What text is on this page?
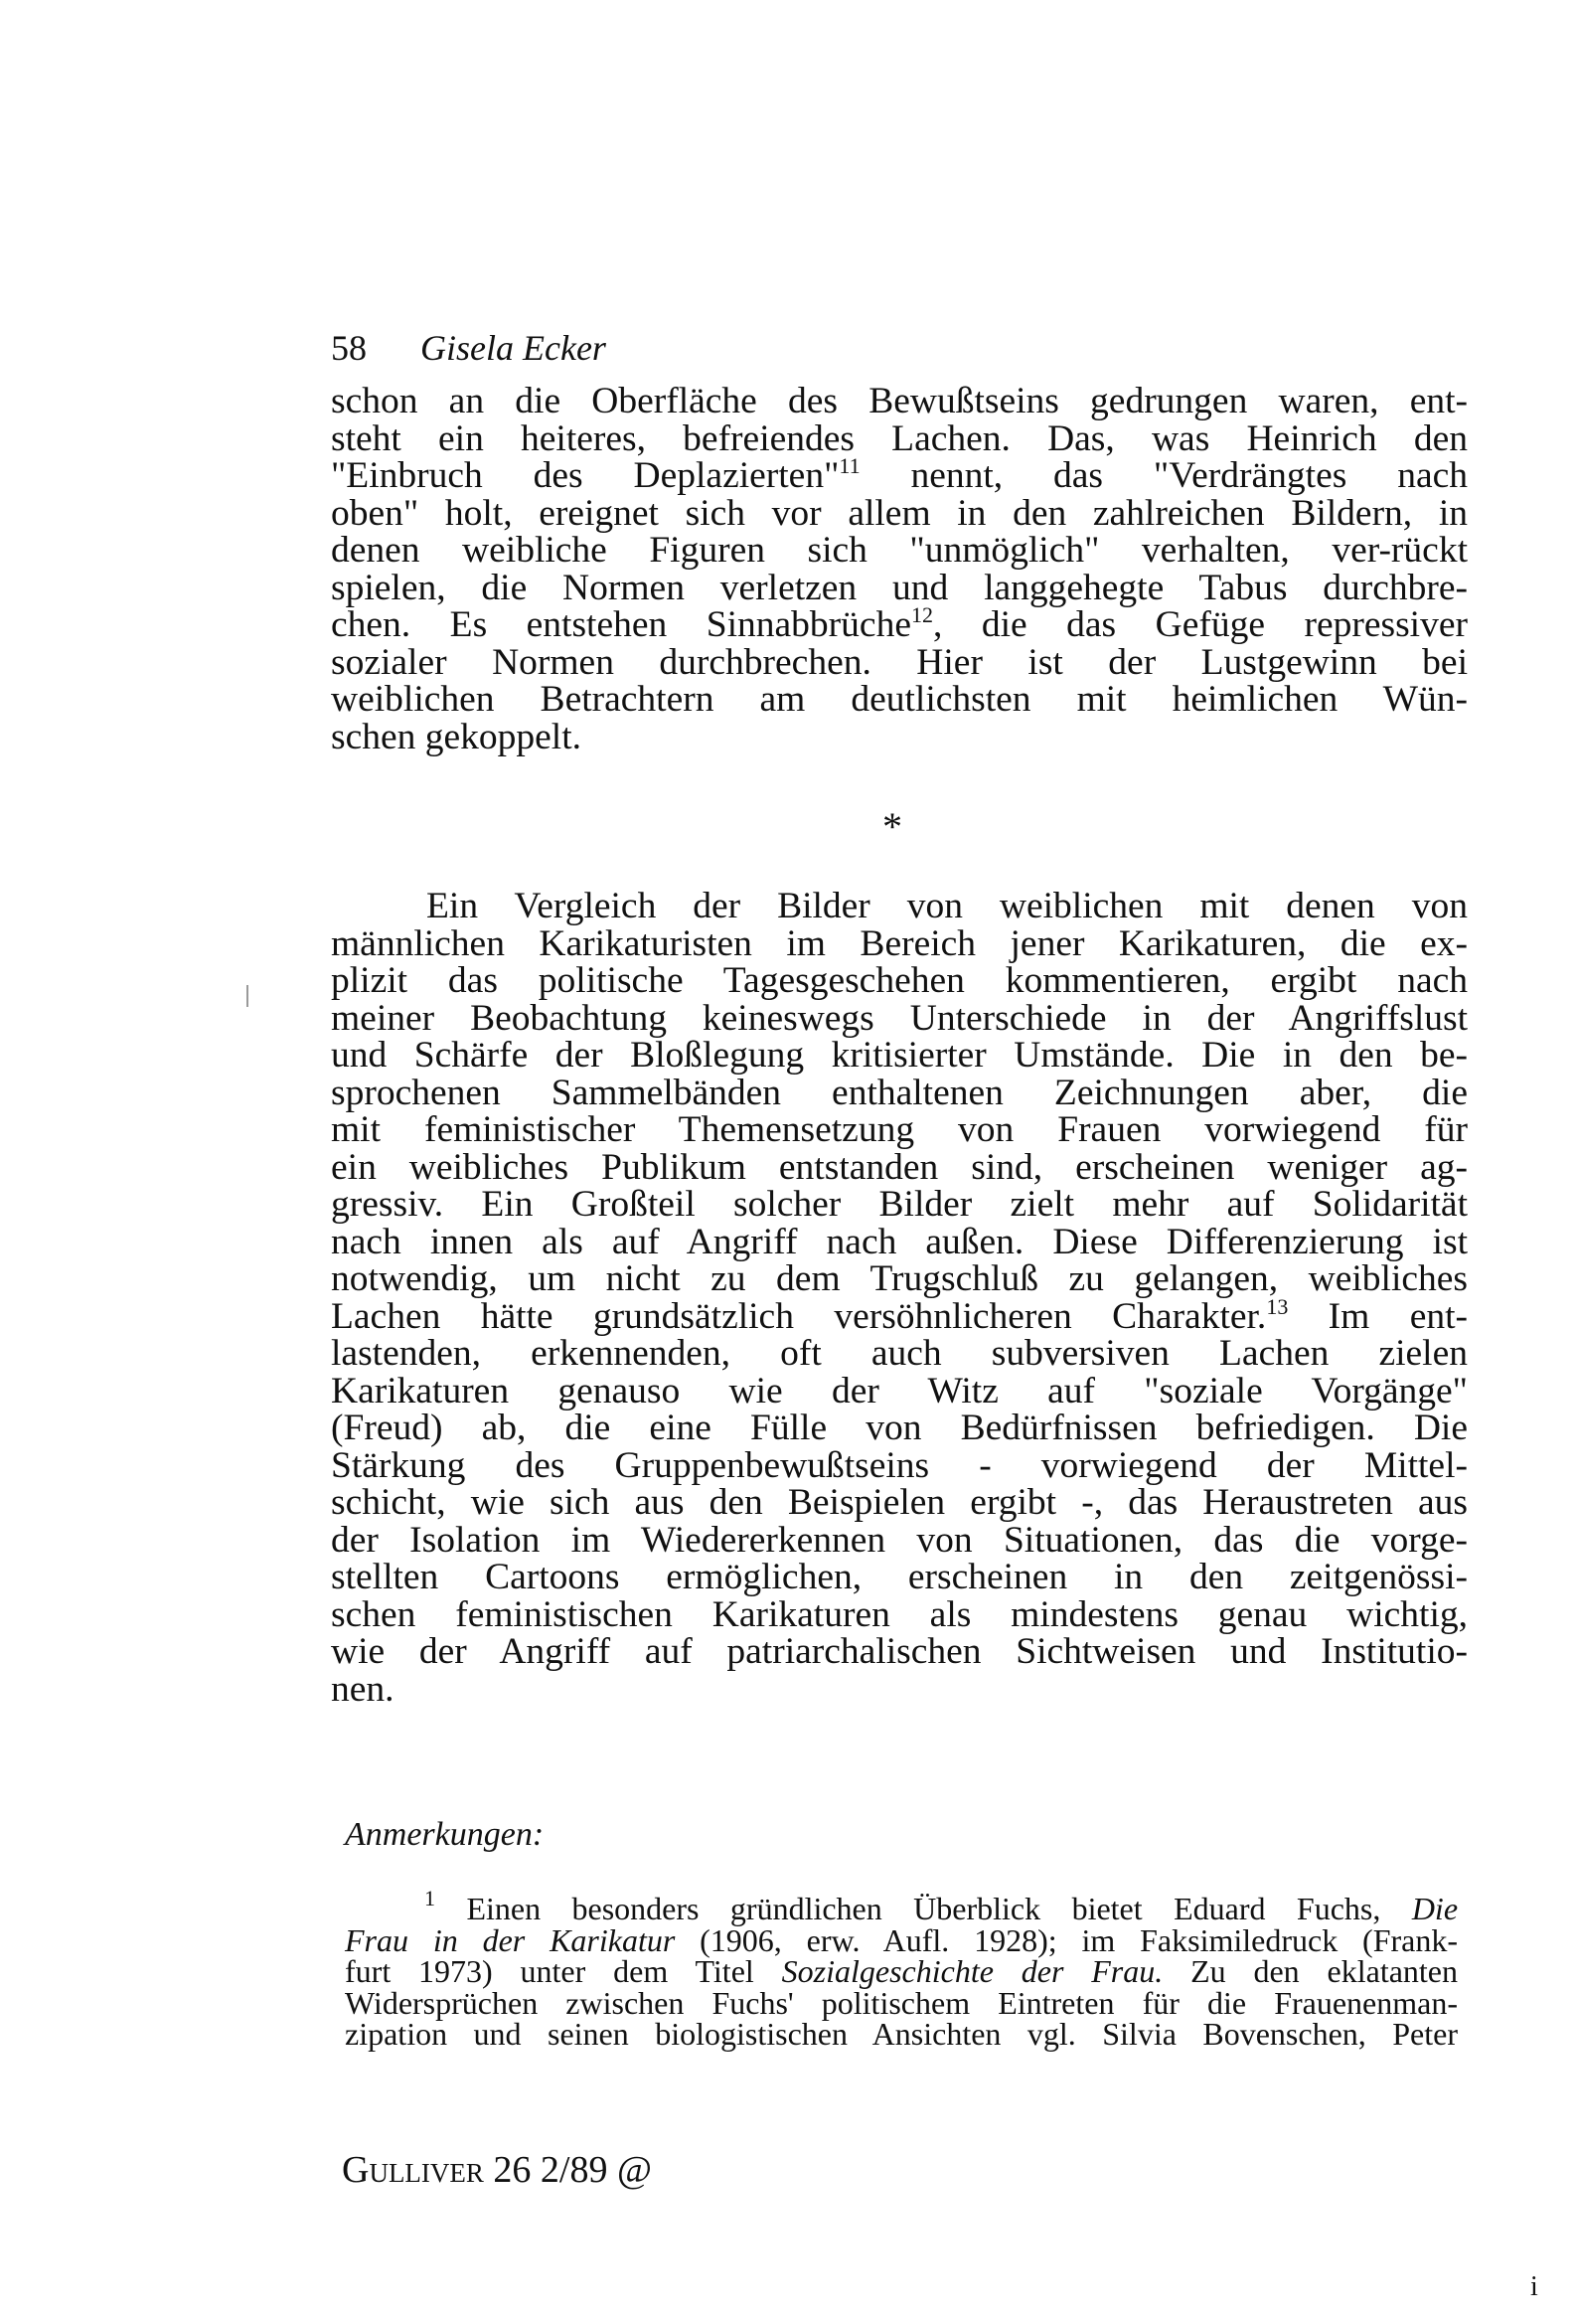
58 Gisela Ecker
schon an die Oberfläche des Bewußtseins gedrungen waren, ent-
steht ein heiteres, befreiendes Lachen. Das, was Heinrich den
"Einbruch des Deplazierten"$^{11}$ nennt, das "Verdrängtes nach
oben" holt, ereignet sich vor allem in den zahlreichen Bildern, in
denen weibliche Figuren sich "unmöglich" verhalten, ver-rückt
spielen, die Normen verletzen und langgehegte Tabus durchbre-
chen. Es entstehen Sinnabbrüche$^{12}$, die das Gefüge repressiver
sozialer Normen durchbrechen. Hier ist der Lustgewinn bei
weiblichen Betrachtern am deutlichsten mit heimlichen Wün-
schen gekoppelt.
*
Ein Vergleich der Bilder von weiblichen mit denen von
männlichen Karikaturisten im Bereich jener Karikaturen, die ex-
plizit das politische Tagesgeschehen kommentieren, ergibt nach
meiner Beobachtung keineswegs Unterschiede in der Angriffslust
und Schärfe der Bloßlegung kritisierter Umstände. Die in den be-
sprochenen Sammelbänden enthaltenen Zeichnungen aber, die
mit feministischer Themensetzung von Frauen vorwiegend für
ein weibliches Publikum entstanden sind, erscheinen weniger ag-
gressiv. Ein Großteil solcher Bilder zielt mehr auf Solidarität
nach innen als auf Angriff nach außen. Diese Differenzierung ist
notwendig, um nicht zu dem Trugschluß zu gelangen, weibliches
Lachen hätte grundsätzlich versöhnlicheren Charakter.$^{13}$ Im ent-
lastenden, erkennenden, oft auch subversiven Lachen zielen
Karikaturen genauso wie der Witz auf "soziale Vorgänge"
(Freud) ab, die eine Fülle von Bedürfnissen befriedigen. Die
Stärkung des Gruppenbewußtseins - vorwiegend der Mittel-
schicht, wie sich aus den Beispielen ergibt -, das Heraustreten aus
der Isolation im Wiedererkennen von Situationen, das die vorge-
stellten Cartoons ermöglichen, erscheinen in den zeitgenössi-
schen feministischen Karikaturen als mindestens genau wichtig,
wie der Angriff auf patriarchalischen Sichtweisen und Institutio-
nen.
Anmerkungen:
$^1$ Einen besonders gründlichen Überblick bietet Eduard Fuchs, Die
Frau in der Karikatur (1906, erw. Aufl. 1928); im Faksimiledruck (Frank-
furt 1973) unter dem Titel Sozialgeschichte der Frau. Zu den eklatanten
Widersprüchen zwischen Fuchs' politischem Eintreten für die Frauenenman-
zipation und seinen biologistischen Ansichten vgl. Silvia Bovenschen, Peter
Gulliver 26 2/89 @
i
